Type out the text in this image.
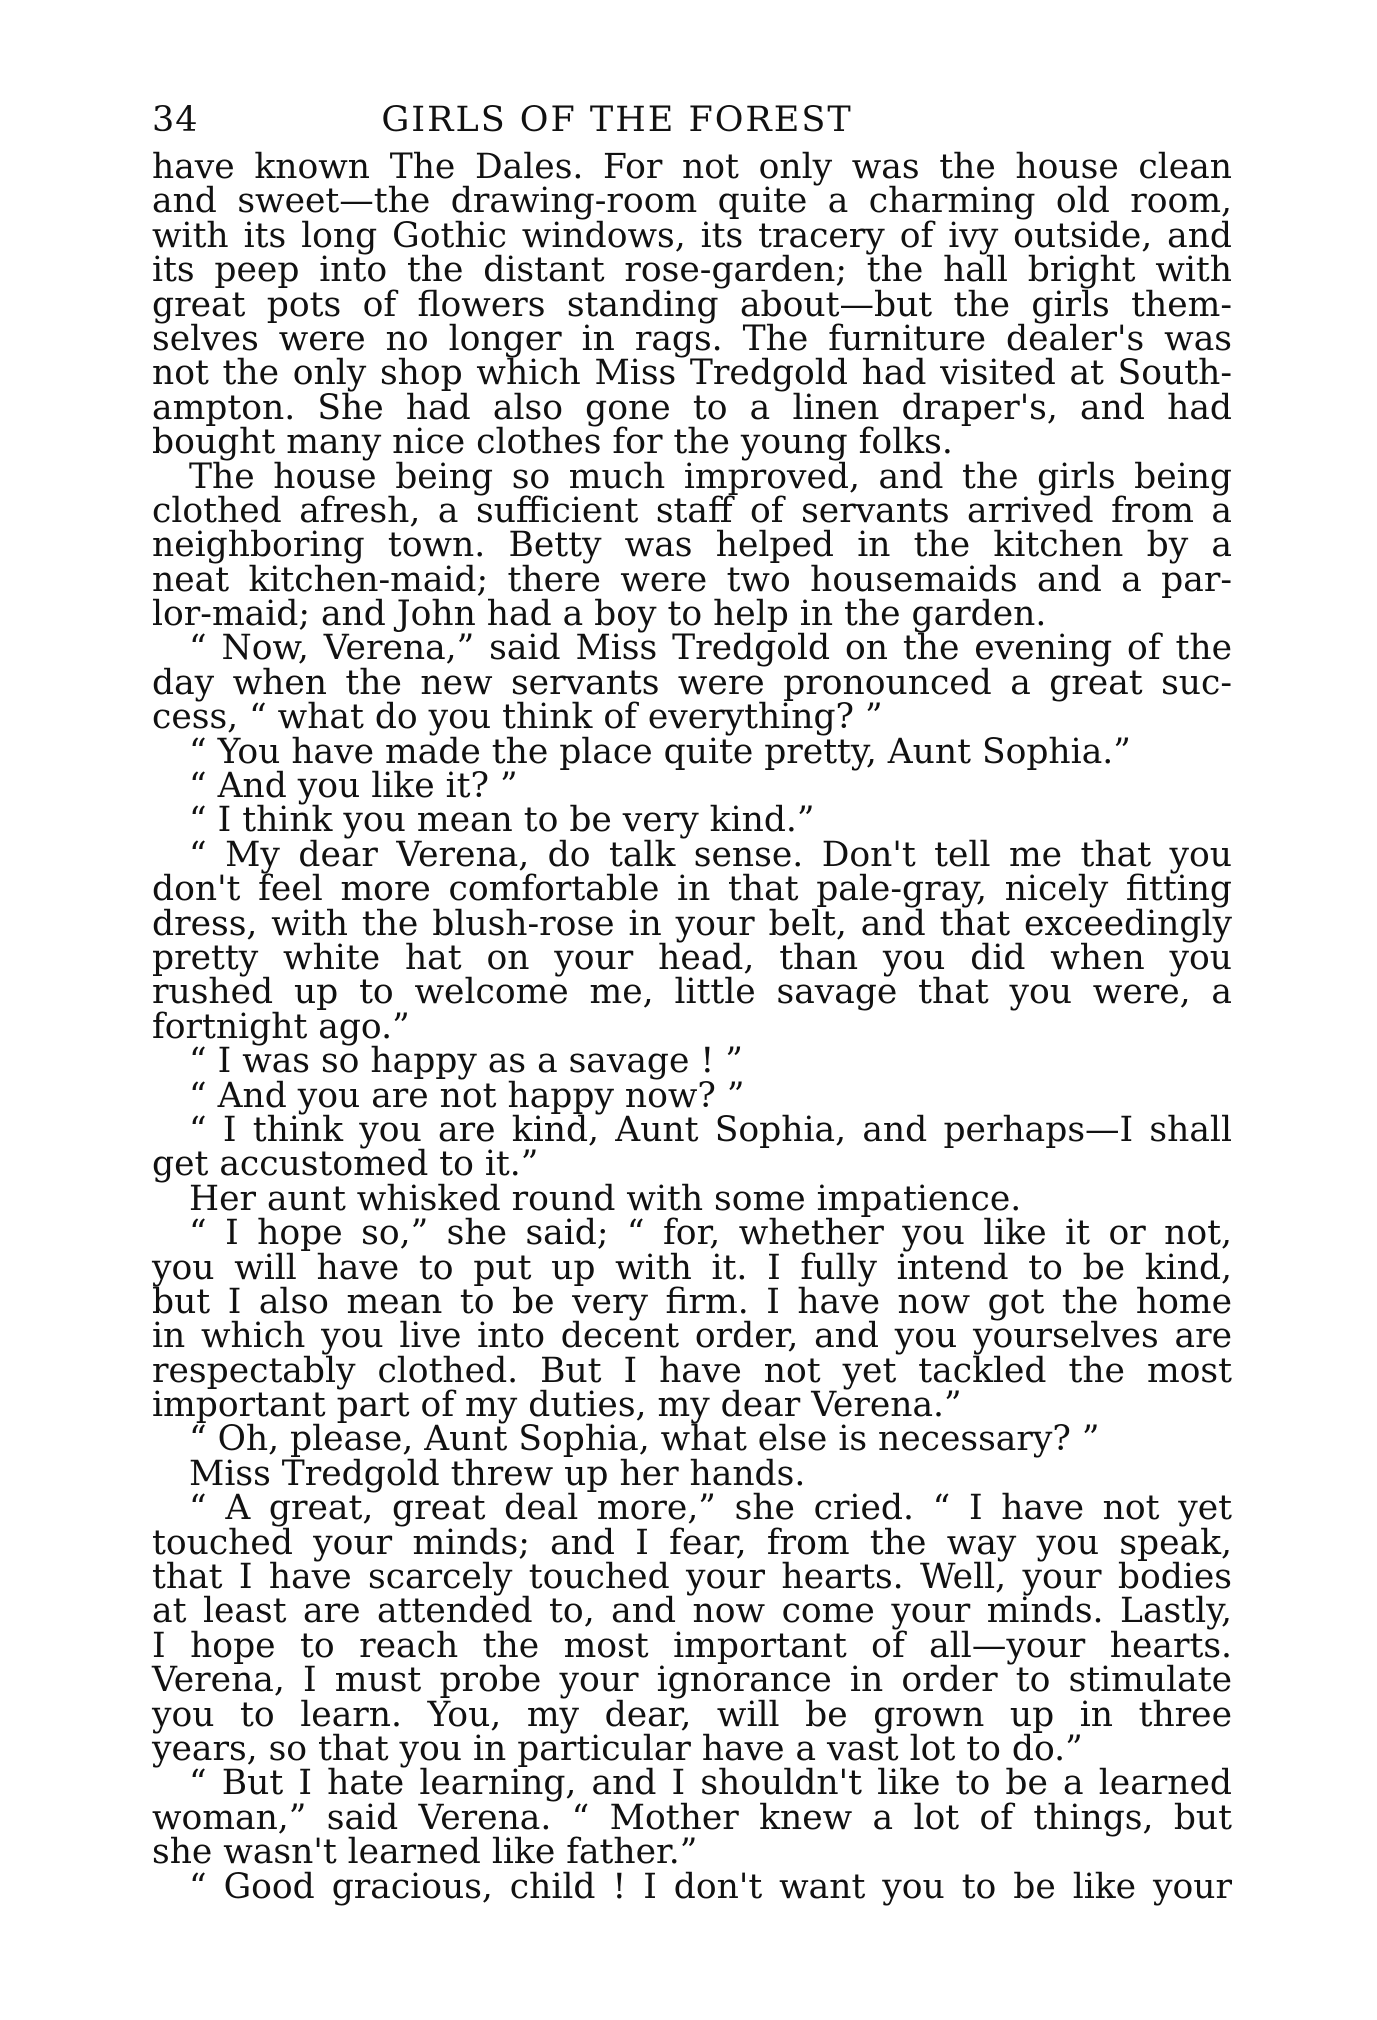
34	GIRLS OF THE FOREST
have known The Dales. For not only was the house clean
and sweet—the drawing-room quite a charming old room,
with its long Gothic windows, its tracery of ivy outside, and
its peep into the distant rose-garden; the hall bright with
great pots of flowers standing about—but the girls them-
selves were no longer in rags. The furniture dealer's was
not the only shop which Miss Tredgold had visited at South-
ampton. She had also gone to a linen draper's, and had
bought many nice clothes for the young folks.
The house being so much improved, and the girls being
clothed afresh, a sufficient staff of servants arrived from a
neighboring town. Betty was helped in the kitchen by a
neat kitchen-maid; there were two housemaids and a par-
lor-maid; and John had a boy to help in the garden.
“ Now, Verena,” said Miss Tredgold on the evening of the
day when the new servants were pronounced a great suc-
cess, “ what do you think of everything? ”
“ You have made the place quite pretty, Aunt Sophia.”
“ And you like it? ”
“ I think you mean to be very kind.”
“ My dear Verena, do talk sense. Don't tell me that you
don't feel more comfortable in that pale-gray, nicely fitting
dress, with the blush-rose in your belt, and that exceedingly
pretty white hat on your head, than you did when you
rushed up to welcome me, little savage that you were, a
fortnight ago.”
“ I was so happy as a savage ! ”
“ And you are not happy now? ”
“ I think you are kind, Aunt Sophia, and perhaps—I shall
get accustomed to it.”
Her aunt whisked round with some impatience.
“ I hope so,” she said; “ for, whether you like it or not,
you will have to put up with it. I fully intend to be kind,
but I also mean to be very firm. I have now got the home
in which you live into decent order, and you yourselves are
respectably clothed. But I have not yet tackled the most
important part of my duties, my dear Verena.”
“ Oh, please, Aunt Sophia, what else is necessary? ”
Miss Tredgold threw up her hands.
“ A great, great deal more,” she cried. “ I have not yet
touched your minds; and I fear, from the way you speak,
that I have scarcely touched your hearts. Well, your bodies
at least are attended to, and now come your minds. Lastly,
I hope to reach the most important of all—your hearts.
Verena, I must probe your ignorance in order to stimulate
you to learn. You, my dear, will be grown up in three
years, so that you in particular have a vast lot to do.”
“ But I hate learning, and I shouldn't like to be a learned
woman,” said Verena. “ Mother knew a lot of things, but
she wasn't learned like father.”
“ Good gracious, child ! I don't want you to be like your
